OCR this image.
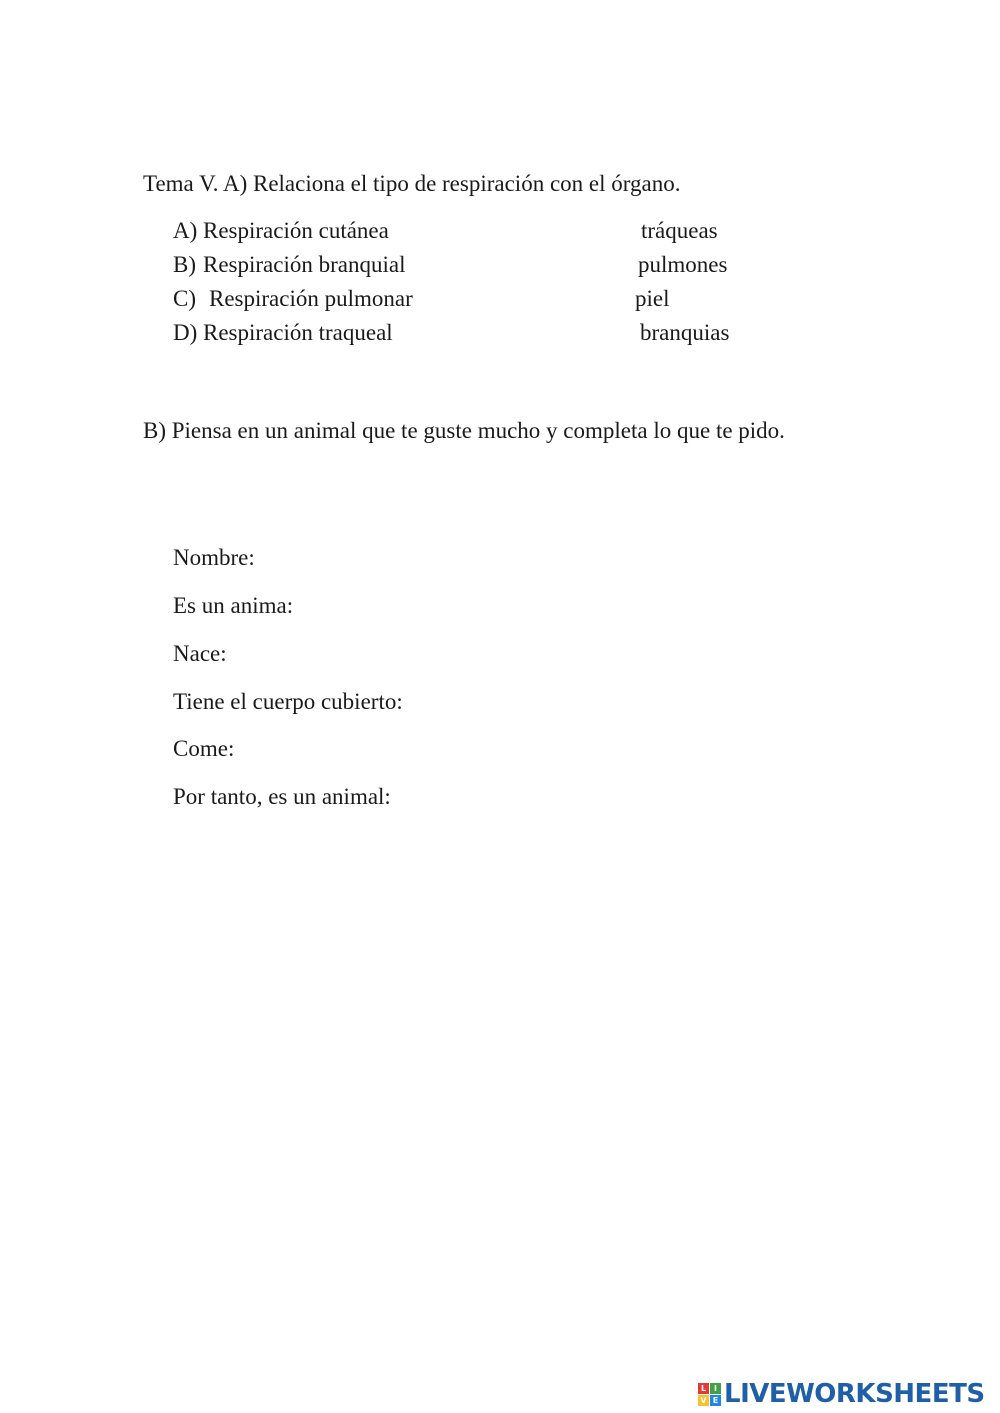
Tema V. A) Relaciona el tipo de respiración con el órgano.
A) Respiración cutánea	tráqueas
B) Respiración branquial	pulmones
C) Respiración pulmonar	piel
D) Respiración traqueal	branquias
B) Piensa en un animal que te guste mucho y completa lo que te pido.
Nombre:
Es un anima:
Nace:
Tiene el cuerpo cubierto:
Come:
Por tanto, es un animal:
L I
V E LIVEWORKSHEETS
